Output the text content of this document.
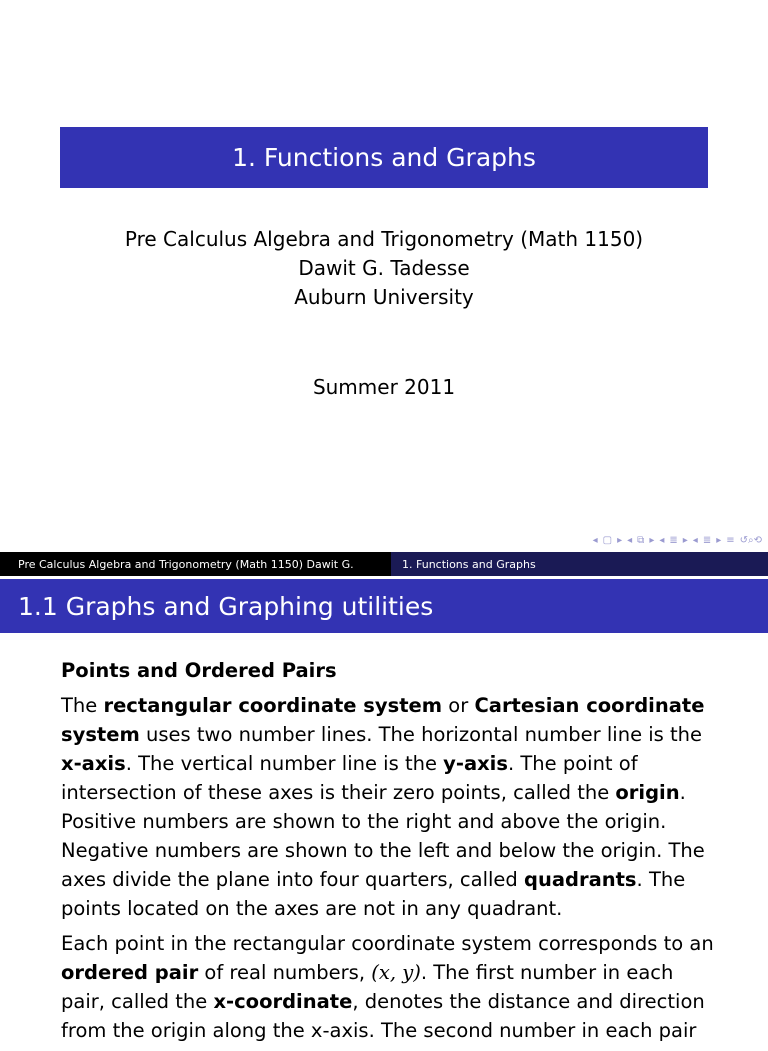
1. Functions and Graphs
Pre Calculus Algebra and Trigonometry (Math 1150)
Dawit G. Tadesse
Auburn University
Summer 2011
◂ ▢ ▸ ◂ ⧉ ▸ ◂ ≣ ▸ ◂ ≣ ▸ ≡ ↺⌕⟲
Pre Calculus Algebra and Trigonometry (Math 1150) Dawit G.	1. Functions and Graphs
1.1 Graphs and Graphing utilities
Points and Ordered Pairs

The rectangular coordinate system or Cartesian coordinate system uses two number lines. The horizontal number line is the x-axis. The vertical number line is the y-axis. The point of intersection of these axes is their zero points, called the origin. Positive numbers are shown to the right and above the origin. Negative numbers are shown to the left and below the origin. The axes divide the plane into four quarters, called quadrants. The points located on the axes are not in any quadrant.

Each point in the rectangular coordinate system corresponds to an ordered pair of real numbers, (x, y). The first number in each pair, called the x-coordinate, denotes the distance and direction from the origin along the x-axis. The second number in each pair
